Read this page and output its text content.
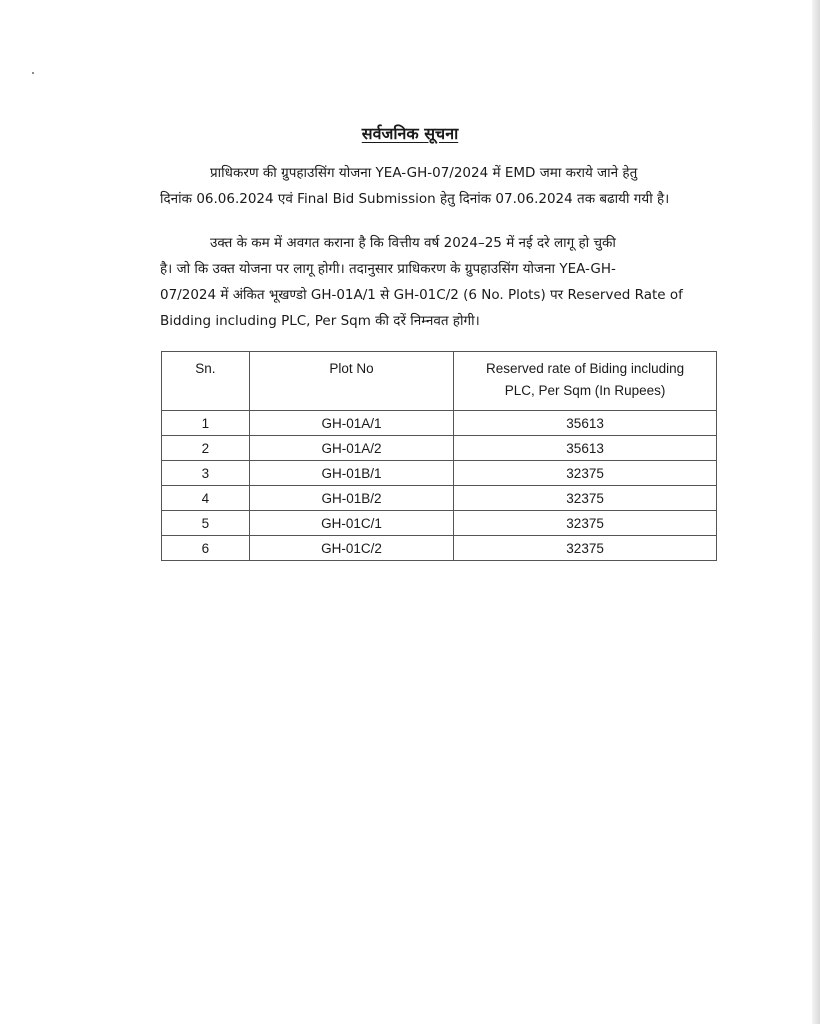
सर्वजनिक सूचना
प्राधिकरण की ग्रुपहाउसिंग योजना YEA-GH-07/2024 में EMD जमा कराये जाने हेतु
दिनांक 06.06.2024 एवं Final Bid Submission हेतु दिनांक 07.06.2024 तक बढायी गयी है।
उक्त के कम में अवगत कराना है कि वित्तीय वर्ष 2024–25 में नई दरे लागू हो चुकी
है। जो कि उक्त योजना पर लागू होगी। तदानुसार प्राधिकरण के ग्रुपहाउसिंग योजना YEA-GH-
07/2024 में अंकित भूखण्डो GH-01A/1 से GH-01C/2 (6 No. Plots) पर Reserved Rate of
Bidding including PLC, Per Sqm की दरें निम्नवत होगी।
Sn.	Plot No	Reserved rate of Biding including
PLC, Per Sqm (In Rupees)
1	GH-01A/1	35613
2	GH-01A/2	35613
3	GH-01B/1	32375
4	GH-01B/2	32375
5	GH-01C/1	32375
6	GH-01C/2	32375
